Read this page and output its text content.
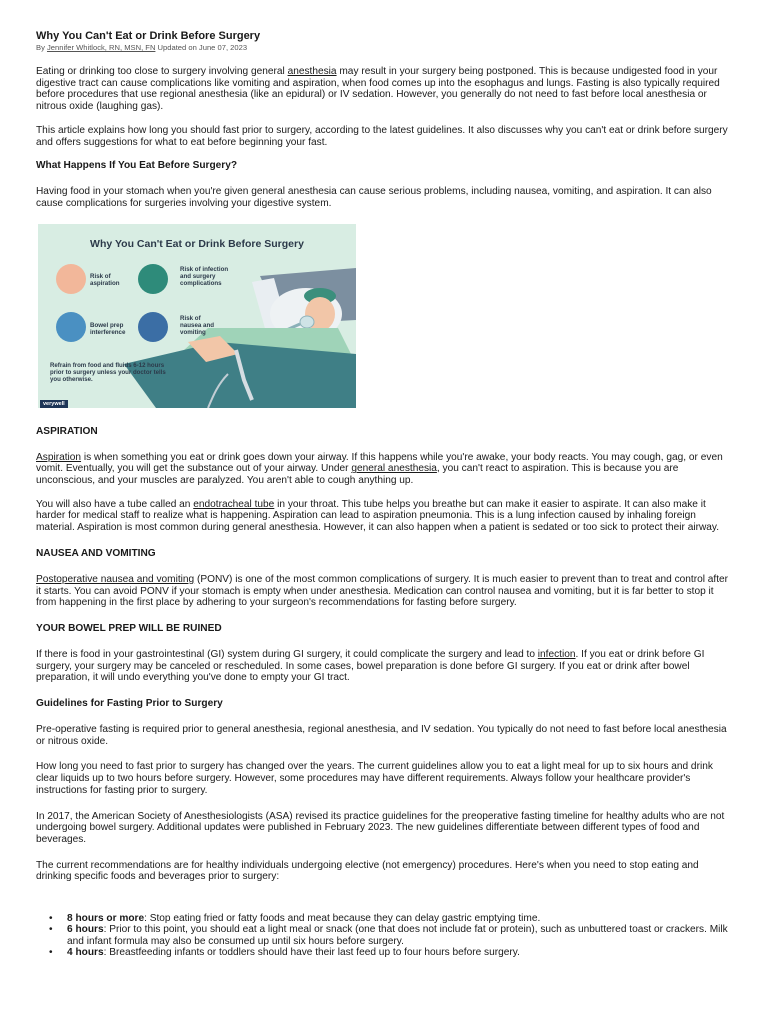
Why You Can't Eat or Drink Before Surgery
By Jennifer Whitlock, RN, MSN, FN Updated on June 07, 2023

Eating or drinking too close to surgery involving general anesthesia may result in your surgery being postponed. This is because undigested food in your digestive tract can cause complications like vomiting and aspiration, when food comes up into the esophagus and lungs. Fasting is also typically required before procedures that use regional anesthesia (like an epidural) or IV sedation. However, you generally do not need to fast before local anesthesia or nitrous oxide (laughing gas).

This article explains how long you should fast prior to surgery, according to the latest guidelines. It also discusses why you can't eat or drink before surgery and offers suggestions for what to eat before beginning your fast.

What Happens If You Eat Before Surgery?

Having food in your stomach when you're given general anesthesia can cause serious problems, including nausea, vomiting, and aspiration. It can also cause complications for surgeries involving your digestive system.

Why You Can't Eat or Drink Before Surgery
Risk of aspiration
Risk of infection and surgery complications
Bowel prep interference
Risk of nausea and vomiting
Refrain from food and fluids 6-12 hours prior to surgery unless your doctor tells you otherwise.
verywell
ASPIRATION

Aspiration is when something you eat or drink goes down your airway. If this happens while you're awake, your body reacts. You may cough, gag, or even vomit. Eventually, you will get the substance out of your airway. Under general anesthesia, you can't react to aspiration. This is because you are unconscious, and your muscles are paralyzed. You aren't able to cough anything up.

You will also have a tube called an endotracheal tube in your throat. This tube helps you breathe but can make it easier to aspirate. It can also make it harder for medical staff to realize what is happening. Aspiration can lead to aspiration pneumonia. This is a lung infection caused by inhaling foreign material. Aspiration is most common during general anesthesia. However, it can also happen when a patient is sedated or too sick to protect their airway.

NAUSEA AND VOMITING

Postoperative nausea and vomiting (PONV) is one of the most common complications of surgery. It is much easier to prevent than to treat and control after it starts. You can avoid PONV if your stomach is empty when under anesthesia. Medication can control nausea and vomiting, but it is far better to stop it from happening in the first place by adhering to your surgeon's recommendations for fasting before surgery.

YOUR BOWEL PREP WILL BE RUINED

If there is food in your gastrointestinal (GI) system during GI surgery, it could complicate the surgery and lead to infection. If you eat or drink before GI surgery, your surgery may be canceled or rescheduled. In some cases, bowel preparation is done before GI surgery. If you eat or drink after bowel preparation, it will undo everything you've done to empty your GI tract.

Guidelines for Fasting Prior to Surgery

Pre-operative fasting is required prior to general anesthesia, regional anesthesia, and IV sedation. You typically do not need to fast before local anesthesia or nitrous oxide.

How long you need to fast prior to surgery has changed over the years. The current guidelines allow you to eat a light meal for up to six hours and drink clear liquids up to two hours before surgery. However, some procedures may have different requirements. Always follow your healthcare provider's instructions for fasting prior to surgery.

In 2017, the American Society of Anesthesiologists (ASA) revised its practice guidelines for the preoperative fasting timeline for healthy adults who are not undergoing bowel surgery. Additional updates were published in February 2023. The new guidelines differentiate between different types of food and beverages.

The current recommendations are for healthy individuals undergoing elective (not emergency) procedures. Here's when you need to stop eating and drinking specific foods and beverages prior to surgery:

• 8 hours or more: Stop eating fried or fatty foods and meat because they can delay gastric emptying time.
• 6 hours: Prior to this point, you should eat a light meal or snack (one that does not include fat or protein), such as unbuttered toast or crackers. Milk and infant formula may also be consumed up until six hours before surgery.
• 4 hours: Breastfeeding infants or toddlers should have their last feed up to four hours before surgery.
